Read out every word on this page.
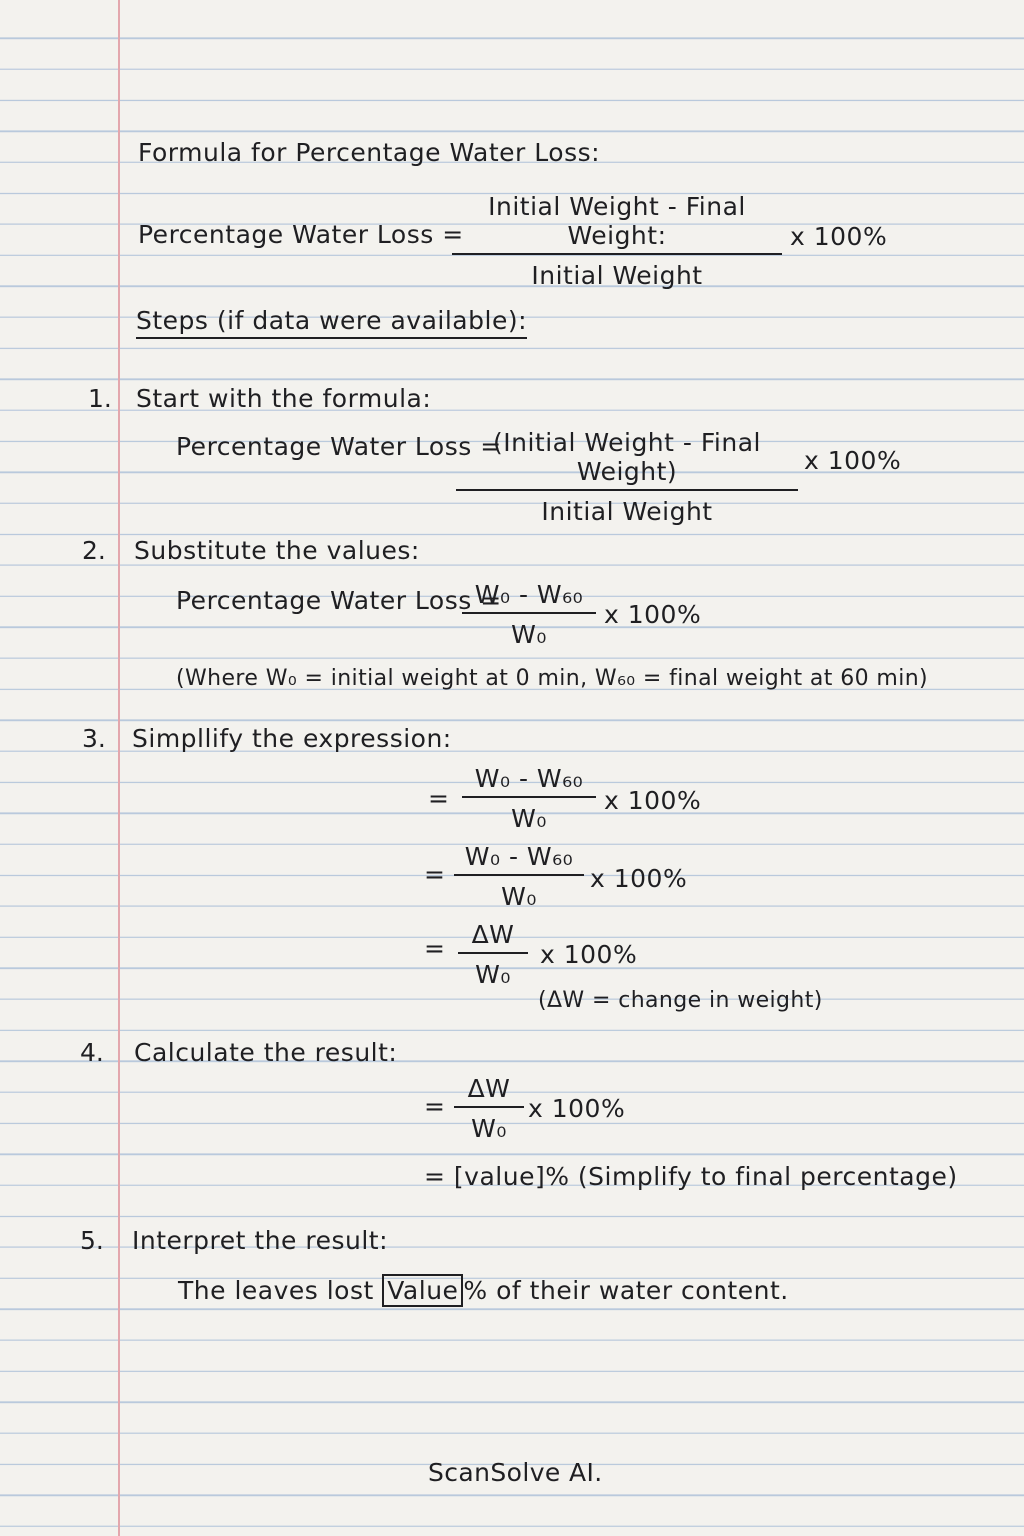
Formula for Percentage Water Loss:
Percentage Water Loss =
Initial Weight - Final Weight:
Initial Weight
x 100%
Steps (if data were available):
1. Start with the formula:
Percentage Water Loss =
(Initial Weight - Final Weight)
Initial Weight
x 100%
2. Substitute the values:
Percentage Water Loss =
$\frac{\text{W₀ - W₆₀}}{\text{W₀}}$ x 100%
(Where W₀ = initial weight at 0 min, W₆₀ = final weight at 60 min)
3. Simpllify the expression:
= $\frac{\text{W₀ - W₆₀}}{\text{W₀}}$ x 100%
= $\frac{\text{W₀ - W₆₀}}{\text{W₀}}$ x 100%
= $\frac{\Delta W}{\text{W₀}}$ x 100%
(ΔW = change in weight)
4. Calculate the result:
= $\frac{\Delta W}{\text{W₀}}$ x 100%
= [value]% (Simplify to final percentage)
5. Interpret the result:
The leaves lost Value % of their water content.
ScanSolve AI.
